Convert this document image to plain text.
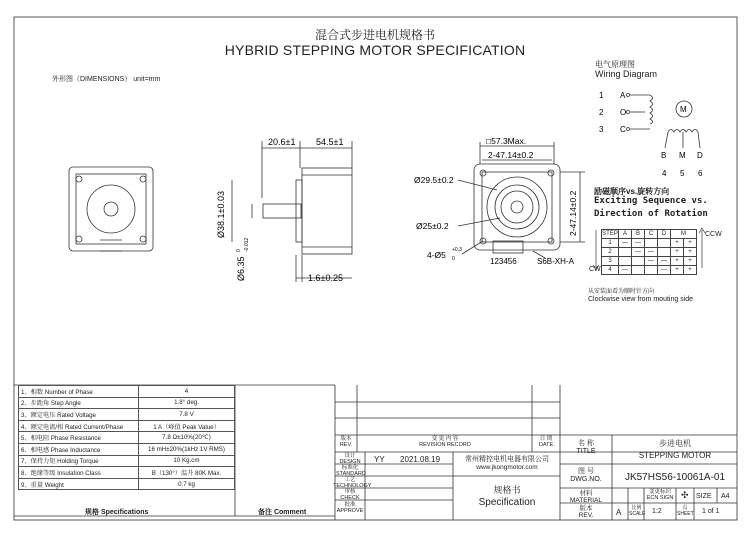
混合式步进电机规格书
HYBRID STEPPING MOTOR SPECIFICATION
外形图（DIMENSIONS） unit=mm
20.6±1 54.5±1
Ø38.1±0.03
Ø6.35
0 -0.012
1.6±0.25
□57.3Max.
2-47.14±0.2
Ø29.5±0.2
Ø25±0.2
4-Ø5 +0.3
0
2-47.14±0.2
123456	S6B-XH-A
1
2
3
A
O
C
M
B M D
4 5 6
电气原理图
Wiring Diagram
励磁顺序vs.旋转方向
Exciting Sequence vs.
Direction of Rotation
STEP	A	B	C	D	M	
1	—	—			+	+
2		—	—		+	+
3			—	—	+	+
4	—			—	+	+
CCW
CW
从安装面看为顺时针方向
Clockwise view from mouting side
1、相数 Number of Phase	4
2、步距角 Step Angle	1.8° deg.
3、额定电压 Rated Voltage	7.8 V
4、额定电流/相 Rated Current/Phase	1 A（峰值 Peak Value）
5、相电阻 Phase Resistance	7.8 Ω±10%(20℃)
6、相电感 Phase Inductance	16 mH±20%(1kHz 1V RMS)
7、保持力矩 Holding Torque	10 Kg.cm
8、绝缘等级 Insulation Class	B（130°）温升 80K Max.
9、重量 Weight	0.7 kg
规格 Specifications	备注 Comment
版本
REV.
变 更 内 容
REVISION RECORD
日 期
DATE
设计
DESIGN
标准化
STANDARD
工艺
TECHNOLOGY
审核
CHECK
批准
APPROVE
YY 2021.08.19	常州精控电机电器有限公司
www.jkongmotor.com
规格书
Specification
名 称
TITLE
步进电机
STEPPING MOTOR
图 号
DWG.NO.	JK57HS56-10061A-01
材料
MATERIAL
变更标识
ECN SIGN ✣ SIZE A4
版本
REV.	A	比例
SCALE 1:2	页
SHEET 1 of 1
